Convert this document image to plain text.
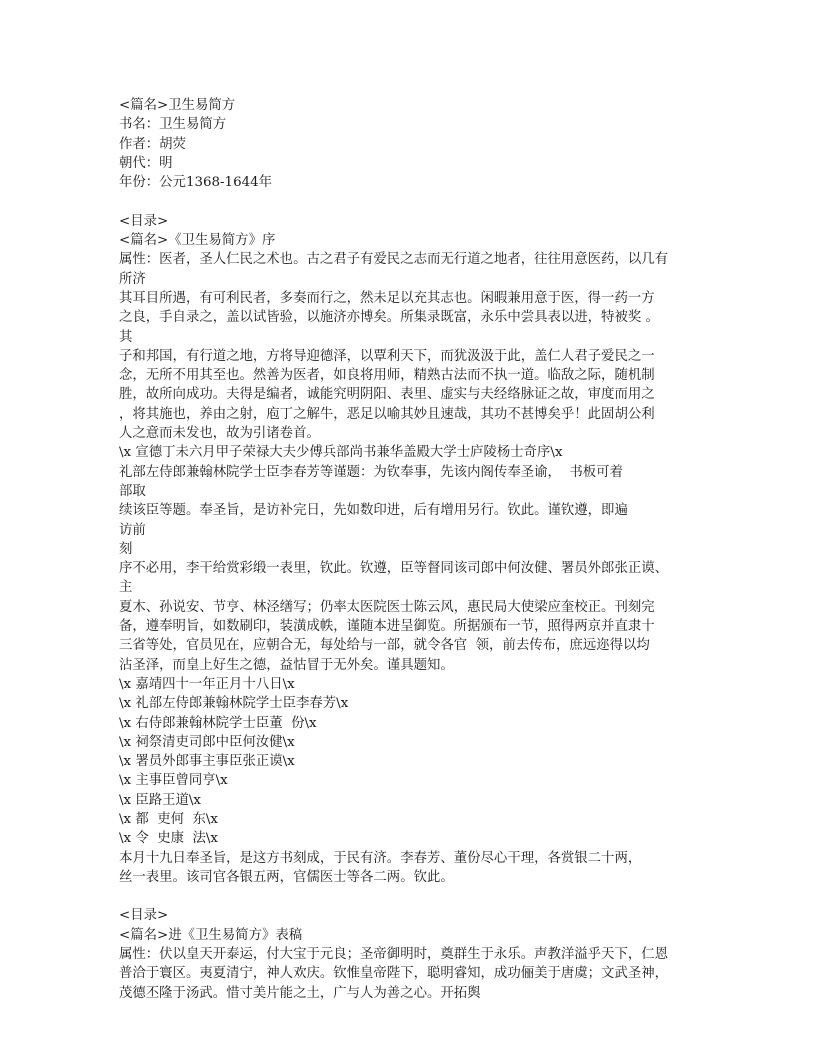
<篇名>卫生易简方
书名：卫生易简方
作者：胡荧
朝代：明
年份：公元1368-1644年
<目录>
<篇名>《卫生易简方》序
属性：医者，圣人仁民之术也。古之君子有爱民之志而无行道之地者，往往用意医药，以几有
所济
其耳目所遇，有可利民者，多奏而行之，然未足以充其志也。闲暇兼用意于医，得一药一方
之良，手自录之，盖以试皆验，以施济亦博矣。所集录既富，永乐中尝具表以进，特被奖 。
其
子和邦国，有行道之地，方将导迎德泽，以覃利天下，而犹汲汲于此，盖仁人君子爱民之一
念，无所不用其至也。然善为医者，如良将用师，精熟古法而不执一道。临敌之际，随机制
胜，故所向成功。夫得是编者，诚能究明阴阳、表里、虚实与夫经络脉证之故，审度而用之
，将其施也，养由之射，庖丁之解牛，恶足以喻其妙且速哉，其功不甚博矣乎！此固胡公利
人之意而未发也，故为引诸卷首。
\x 宣德丁未六月甲子荣禄大夫少傅兵部尚书兼华盖殿大学士庐陵杨士奇序\x
礼部左侍郎兼翰林院学士臣李春芳等谨题：为钦奉事，先该内阁传奉圣谕，  书板可着
部取
续该臣等题。奉圣旨，是访补完日，先如数印进，后有增用另行。钦此。谨钦遵，即遍
访前
刻
序不必用，李干给赏彩缎一表里，钦此。钦遵，臣等督同该司郎中何汝健、署员外郎张正谟、
主
夏木、孙说安、节亨、林泾缮写；仍率太医院医士陈云风，惠民局大使梁应奎校正。刊刻完
备，遵奉明旨，如数刷印，装潢成帙，谨随本进呈御览。所据颁布一节，照得两京并直隶十
三省等处，官员见在，应朝合无，每处给与一部，就令各官  领，前去传布，庶远迩得以均
沾圣泽，而皇上好生之德，益怙冒于无外矣。谨具题知。
\x 嘉靖四十一年正月十八日\x
\x 礼部左侍郎兼翰林院学士臣李春芳\x
\x 右侍郎兼翰林院学士臣董  份\x
\x 祠祭清吏司郎中臣何汝健\x
\x 署员外郎事主事臣张正谟\x
\x 主事臣曾同亨\x
\x 臣路王道\x
\x 都  吏何  东\x
\x 令  史康  法\x
本月十九日奉圣旨，是这方书刻成，于民有济。李春芳、董份尽心干理，各赏银二十两，
丝一表里。该司官各银五两，官儒医士等各二两。钦此。
<目录>
<篇名>进《卫生易简方》表稿
属性：伏以皇天开泰运，付大宝于元良；圣帝御明时，奠群生于永乐。声教洋溢乎天下，仁恩
普洽于寰区。夷夏清宁，神人欢庆。钦惟皇帝陛下，聪明睿知，成功俪美于唐虞；文武圣神，
茂德丕隆于汤武。惜寸美片能之土，广与人为善之心。开拓舆
